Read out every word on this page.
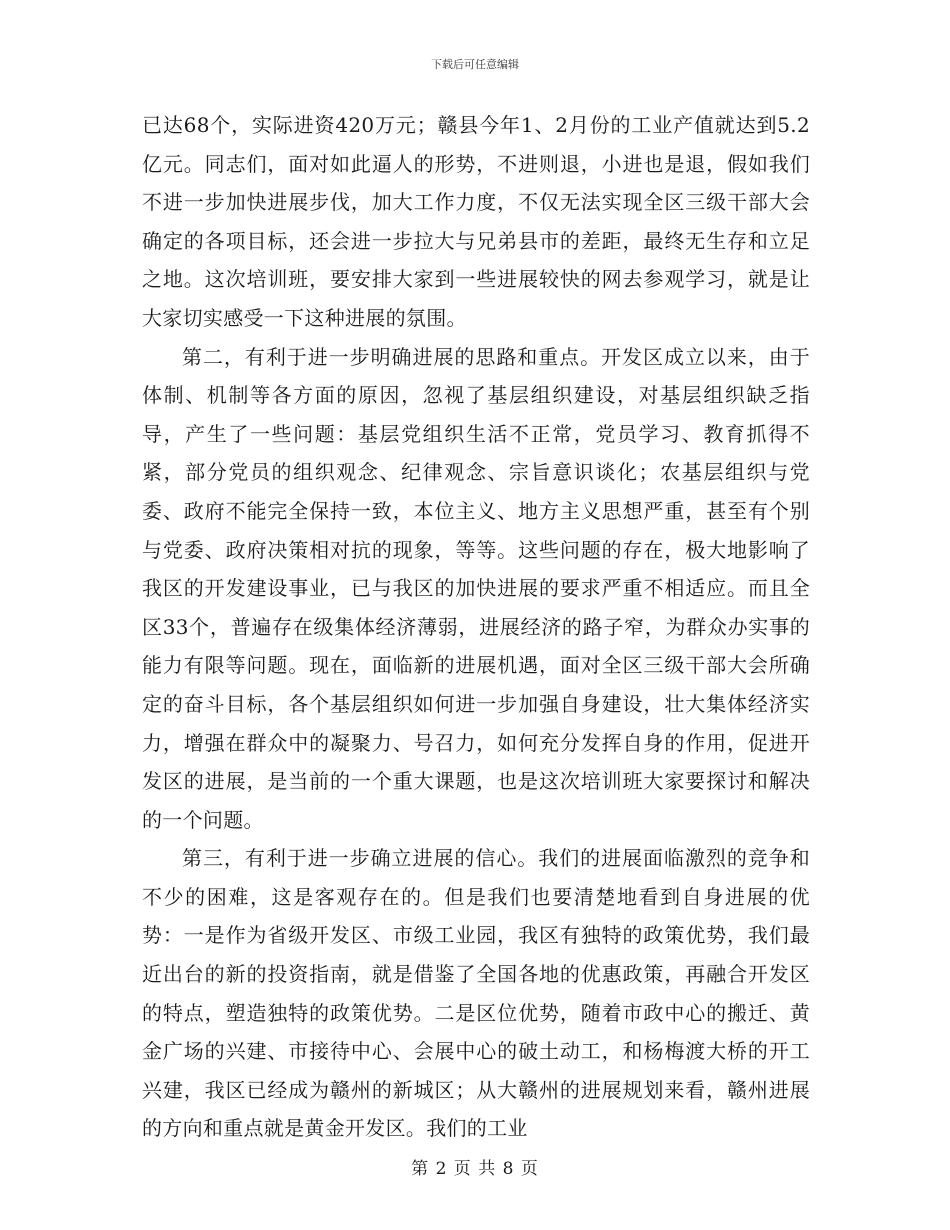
下载后可任意编辑

已达68个，实际进资420万元；赣县今年1、2月份的工业产值就达到5.2亿元。同志们，面对如此逼人的形势，不进则退，小进也是退，假如我们不进一步加快进展步伐，加大工作力度，不仅无法实现全区三级干部大会确定的各项目标，还会进一步拉大与兄弟县市的差距，最终无生存和立足之地。这次培训班，要安排大家到一些进展较快的网去参观学习，就是让大家切实感受一下这种进展的氛围。

第二，有利于进一步明确进展的思路和重点。开发区成立以来，由于体制、机制等各方面的原因，忽视了基层组织建设，对基层组织缺乏指导，产生了一些问题：基层党组织生活不正常，党员学习、教育抓得不紧，部分党员的组织观念、纪律观念、宗旨意识谈化；农基层组织与党委、政府不能完全保持一致，本位主义、地方主义思想严重，甚至有个别与党委、政府决策相对抗的现象，等等。这些问题的存在，极大地影响了我区的开发建设事业，已与我区的加快进展的要求严重不相适应。而且全区33个，普遍存在级集体经济薄弱，进展经济的路子窄，为群众办实事的能力有限等问题。现在，面临新的进展机遇，面对全区三级干部大会所确定的奋斗目标，各个基层组织如何进一步加强自身建设，壮大集体经济实力，增强在群众中的凝聚力、号召力，如何充分发挥自身的作用，促进开发区的进展，是当前的一个重大课题，也是这次培训班大家要探讨和解决的一个问题。

第三，有利于进一步确立进展的信心。我们的进展面临激烈的竞争和不少的困难，这是客观存在的。但是我们也要清楚地看到自身进展的优势：一是作为省级开发区、市级工业园，我区有独特的政策优势，我们最近出台的新的投资指南，就是借鉴了全国各地的优惠政策，再融合开发区的特点，塑造独特的政策优势。二是区位优势，随着市政中心的搬迁、黄金广场的兴建、市接待中心、会展中心的破土动工，和杨梅渡大桥的开工兴建，我区已经成为赣州的新城区；从大赣州的进展规划来看，赣州进展的方向和重点就是黄金开发区。我们的工业

第 2 页 共 8 页
